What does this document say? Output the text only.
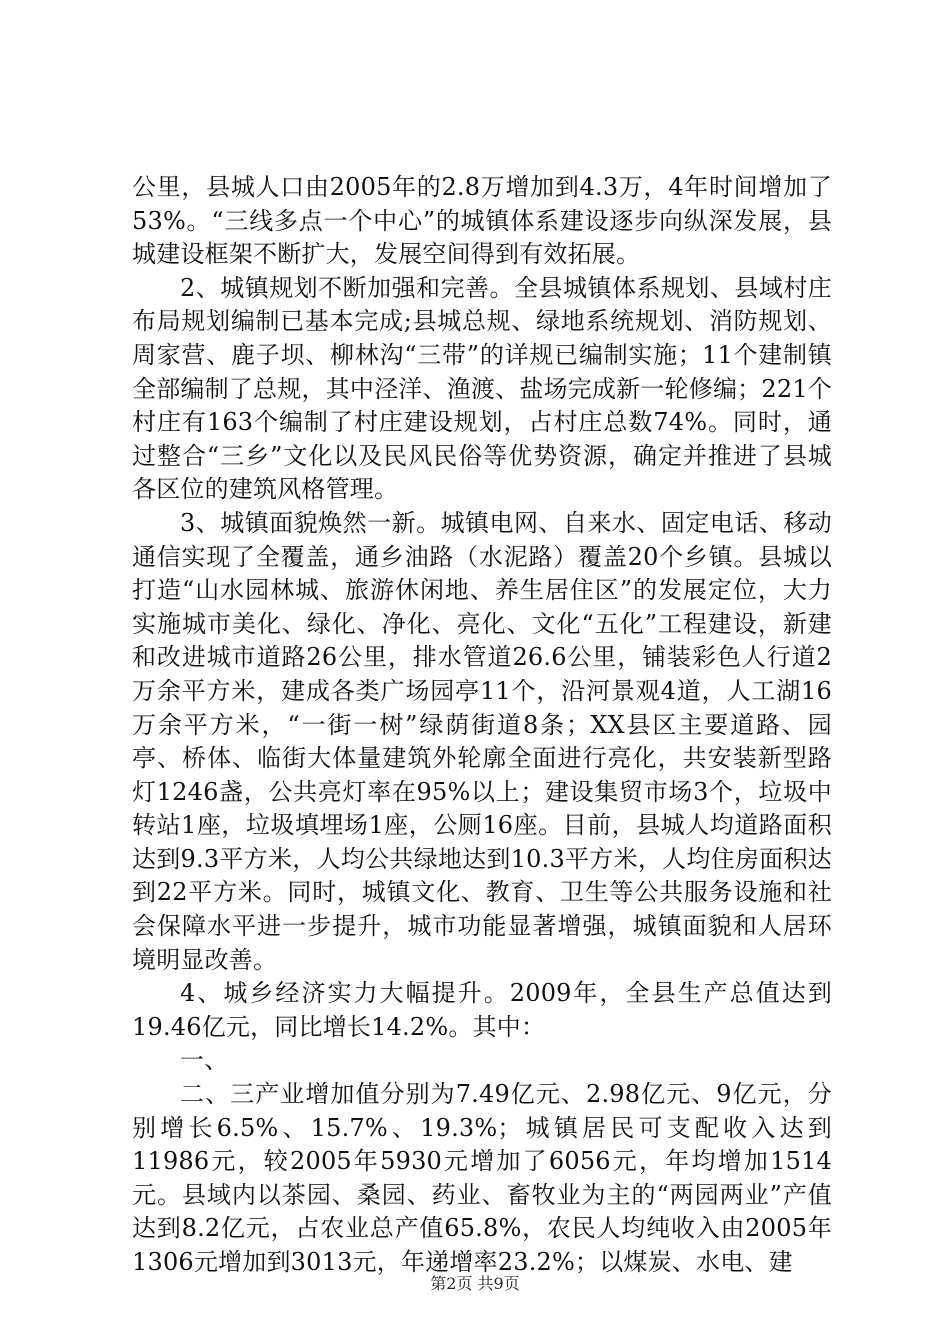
公里，县城人口由2005年的2.8万增加到4.3万，4年时间增加了53%。“三线多点一个中心”的城镇体系建设逐步向纵深发展，县城建设框架不断扩大，发展空间得到有效拓展。

2、城镇规划不断加强和完善。全县城镇体系规划、县域村庄布局规划编制已基本完成;县城总规、绿地系统规划、消防规划、周家营、鹿子坝、柳林沟“三带”的详规已编制实施；11个建制镇全部编制了总规，其中泾洋、渔渡、盐场完成新一轮修编；221个村庄有163个编制了村庄建设规划，占村庄总数74%。同时，通过整合“三乡”文化以及民风民俗等优势资源，确定并推进了县城各区位的建筑风格管理。

3、城镇面貌焕然一新。城镇电网、自来水、固定电话、移动通信实现了全覆盖，通乡油路（水泥路）覆盖20个乡镇。县城以打造“山水园林城、旅游休闲地、养生居住区”的发展定位，大力实施城市美化、绿化、净化、亮化、文化“五化”工程建设，新建和改进城市道路26公里，排水管道26.6公里，铺装彩色人行道2万余平方米，建成各类广场园亭11个，沿河景观4道，人工湖16万余平方米，“一街一树”绿荫街道8条；XX县区主要道路、园亭、桥体、临街大体量建筑外轮廓全面进行亮化，共安装新型路灯1246盏，公共亮灯率在95%以上；建设集贸市场3个，垃圾中转站1座，垃圾填埋场1座，公厕16座。目前，县城人均道路面积达到9.3平方米，人均公共绿地达到10.3平方米，人均住房面积达到22平方米。同时，城镇文化、教育、卫生等公共服务设施和社会保障水平进一步提升，城市功能显著增强，城镇面貌和人居环境明显改善。

4、城乡经济实力大幅提升。2009年，全县生产总值达到19.46亿元，同比增长14.2%。其中：

一、

二、三产业增加值分别为7.49亿元、2.98亿元、9亿元，分别增长6.5%、15.7%、19.3%；城镇居民可支配收入达到11986元，较2005年5930元增加了6056元，年均增加1514元。县域内以茶园、桑园、药业、畜牧业为主的“两园两业”产值达到8.2亿元，占农业总产值65.8%，农民人均纯收入由2005年1306元增加到3013元，年递增率23.2%；以煤炭、水电、建

第2页 共9页
